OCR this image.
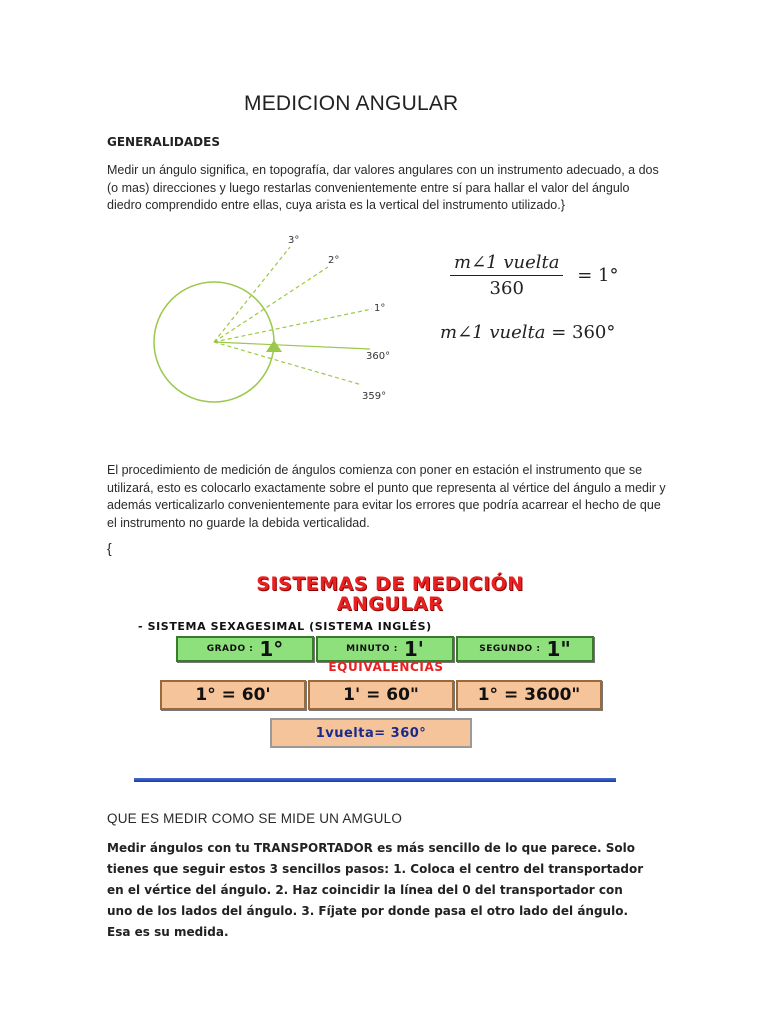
MEDICION ANGULAR
GENERALIDADES
Medir un ángulo significa, en topografía, dar valores angulares con un instrumento adecuado, a dos (o mas) direcciones y luego restarlas convenientemente entre sí para hallar el valor del ángulo diedro comprendido entre ellas, cuya arista es la vertical del instrumento utilizado.}
3°
2°
1°
360°
359°
$\frac{\text{m∠1 vuelta}}{360} = 1^\circ$
m∠1 vuelta = 360°
El procedimiento de medición de ángulos comienza con poner en estación el instrumento que se utilizará, esto es colocarlo exactamente sobre el punto que representa al vértice del ángulo a medir y además verticalizarlo convenientemente para evitar los errores que podría acarrear el hecho de que el instrumento no guarde la debida verticalidad.
{
SISTEMAS DE MEDICIÓN
ANGULAR
- SISTEMA SEXAGESIMAL (SISTEMA INGLÉS)
GRADO : 1°	MINUTO : 1'	SEGUNDO : 1"
EQUIVALENCIAS
1° = 60'	1' = 60"	1° = 3600"
1vuelta= 360°
QUE ES MEDIR COMO SE MIDE UN AMGULO
Medir ángulos con tu TRANSPORTADOR es más sencillo de lo que parece. Solo tienes que seguir estos 3 sencillos pasos: 1. Coloca el centro del transportador en el vértice del ángulo. 2. Haz coincidir la línea del 0 del transportador con uno de los lados del ángulo. 3. Fíjate por donde pasa el otro lado del ángulo. Esa es su medida.
